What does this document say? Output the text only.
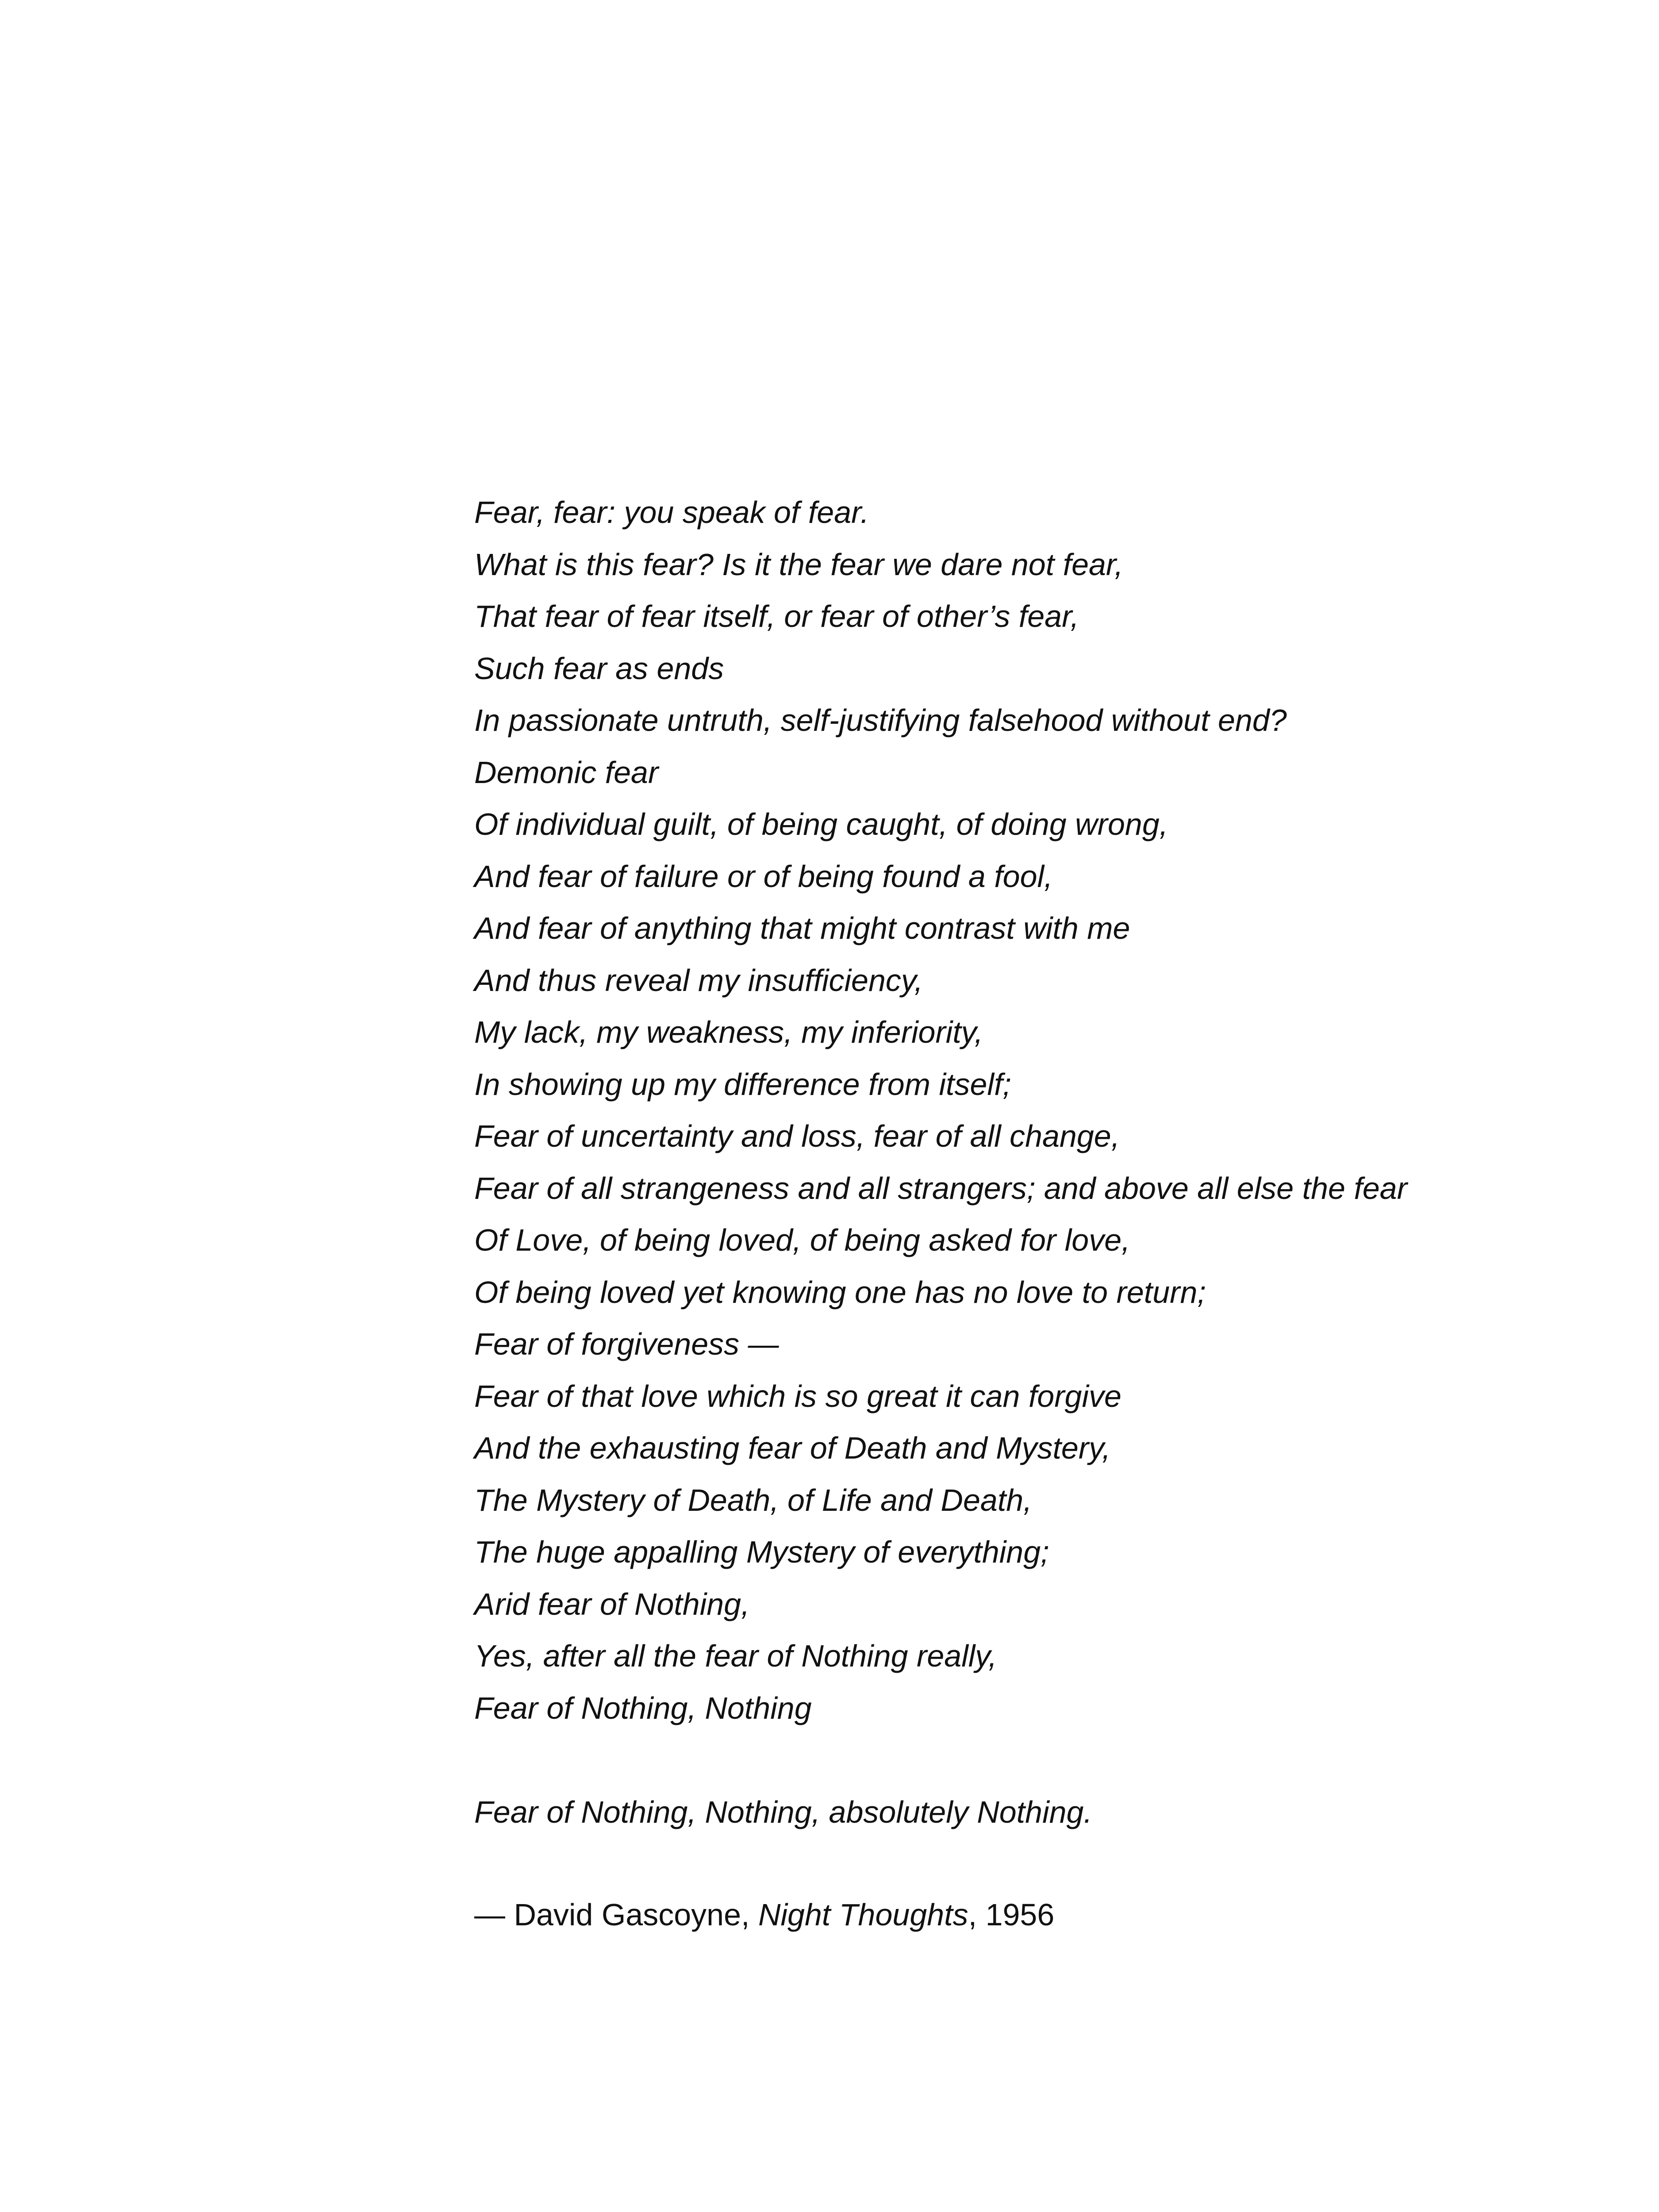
Fear, fear: you speak of fear.
What is this fear? Is it the fear we dare not fear,
That fear of fear itself, or fear of other’s fear,
Such fear as ends
In passionate untruth, self-justifying falsehood without end?
Demonic fear
Of individual guilt, of being caught, of doing wrong,
And fear of failure or of being found a fool,
And fear of anything that might contrast with me
And thus reveal my insufficiency,
My lack, my weakness, my inferiority,
In showing up my difference from itself;
Fear of uncertainty and loss, fear of all change,
Fear of all strangeness and all strangers; and above all else the fear
Of Love, of being loved, of being asked for love,
Of being loved yet knowing one has no love to return;
Fear of forgiveness —
Fear of that love which is so great it can forgive
And the exhausting fear of Death and Mystery,
The Mystery of Death, of Life and Death,
The huge appalling Mystery of everything;
Arid fear of Nothing,
Yes, after all the fear of Nothing really,
Fear of Nothing, Nothing
Fear of Nothing, Nothing, absolutely Nothing.
— David Gascoyne, Night Thoughts, 1956
